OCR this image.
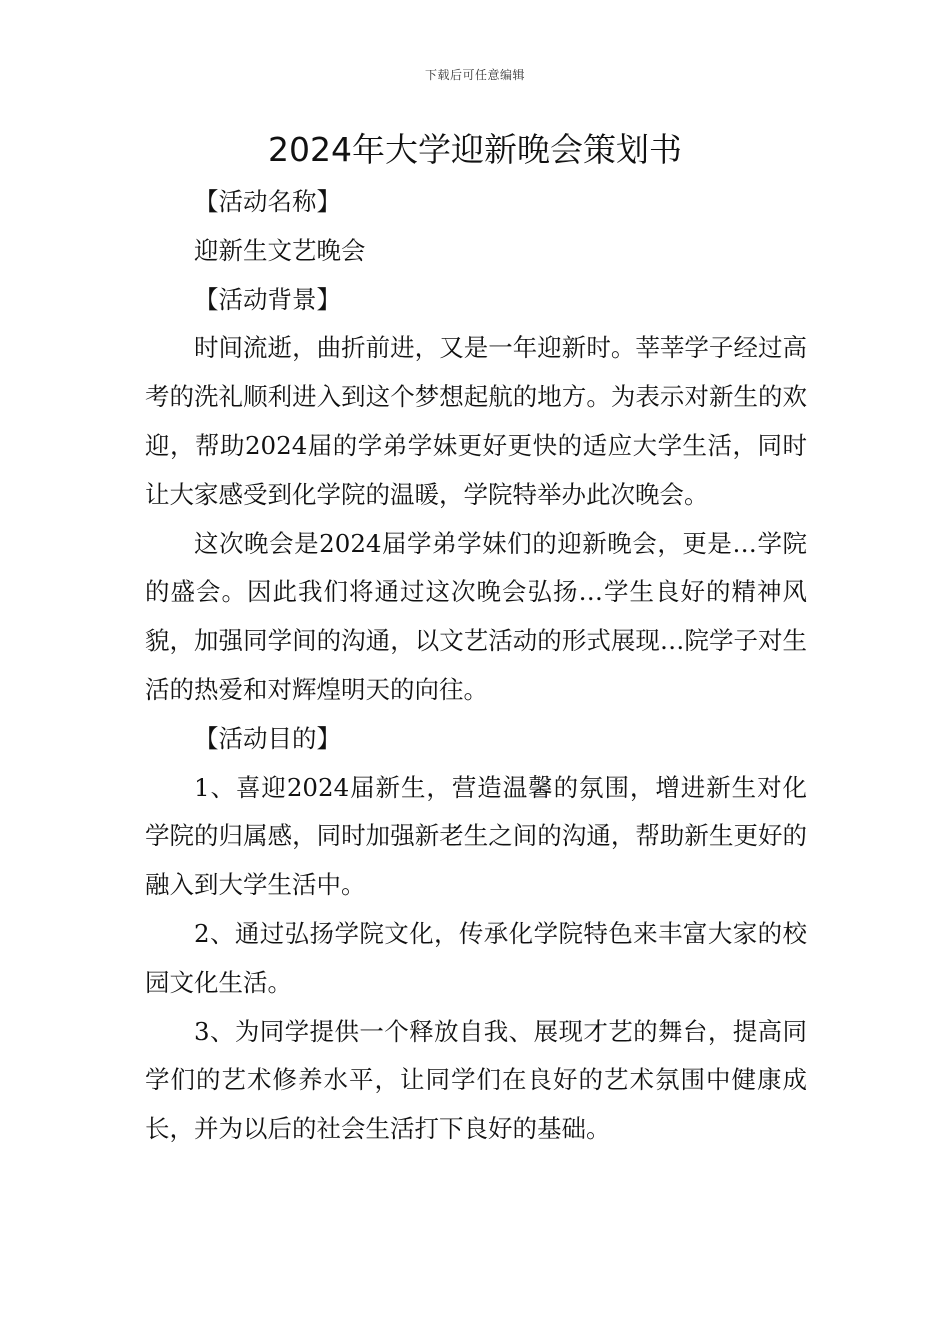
下载后可任意编辑
2024年大学迎新晚会策划书

【活动名称】

迎新生文艺晚会

【活动背景】

时间流逝，曲折前进，又是一年迎新时。莘莘学子经过高考的洗礼顺利进入到这个梦想起航的地方。为表示对新生的欢迎，帮助2024届的学弟学妹更好更快的适应大学生活，同时让大家感受到化学院的温暖，学院特举办此次晚会。

这次晚会是2024届学弟学妹们的迎新晚会，更是…学院的盛会。因此我们将通过这次晚会弘扬…学生良好的精神风貌，加强同学间的沟通，以文艺活动的形式展现…院学子对生活的热爱和对辉煌明天的向往。

【活动目的】

1、喜迎2024届新生，营造温馨的氛围，增进新生对化学院的归属感，同时加强新老生之间的沟通，帮助新生更好的融入到大学生活中。

2、通过弘扬学院文化，传承化学院特色来丰富大家的校园文化生活。

3、为同学提供一个释放自我、展现才艺的舞台，提高同学们的艺术修养水平，让同学们在良好的艺术氛围中健康成长，并为以后的社会生活打下良好的基础。
